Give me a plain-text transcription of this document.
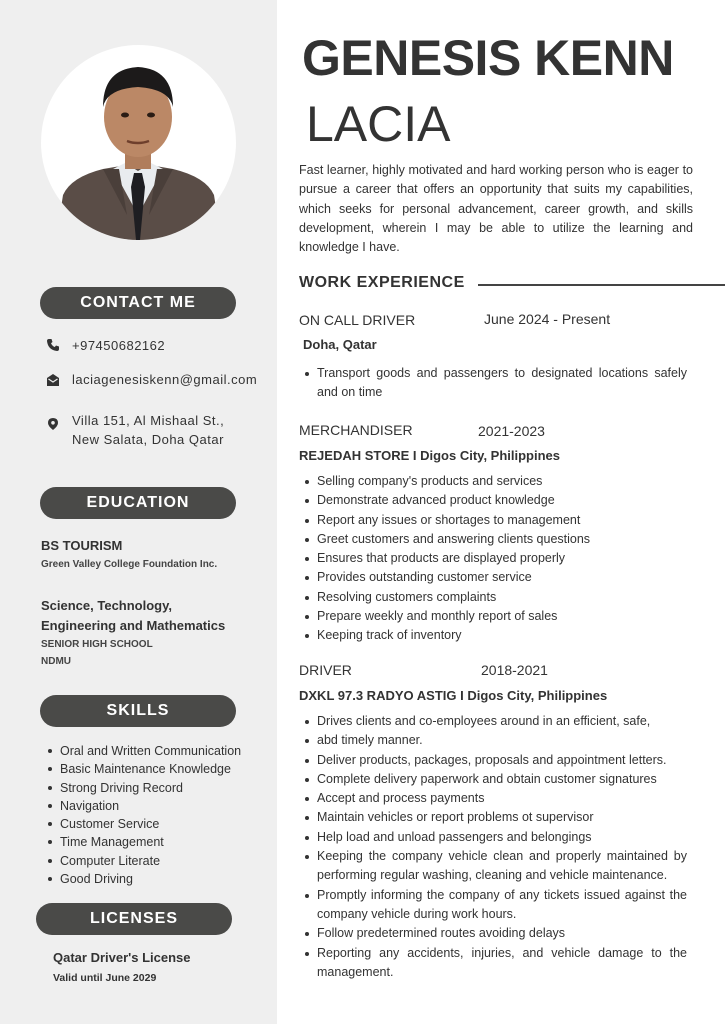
CONTACT ME
+97450682162
laciagenesiskenn@gmail.com
Villa 151, Al Mishaal St.,
New Salata, Doha Qatar
EDUCATION
BS TOURISM
Green Valley College Foundation Inc.
Science, Technology,
Engineering and Mathematics
SENIOR HIGH SCHOOL
NDMU
SKILLS
Oral and Written Communication
Basic Maintenance Knowledge
Strong Driving Record
Navigation
Customer Service
Time Management
Computer Literate
Good Driving
LICENSES
Qatar Driver's License
Valid until June 2029
GENESIS KENN
LACIA
Fast learner, highly motivated and hard working person who is eager to pursue a career that offers an opportunity that suits my capabilities, which seeks for personal advancement, career growth, and skills development, wherein I may be able to utilize the learning and knowledge I have.
WORK EXPERIENCE
ON CALL DRIVER	June 2024 - Present
Doha, Qatar
Transport goods and passengers to designated locations safely and on time
MERCHANDISER	2021-2023
REJEDAH STORE I Digos City, Philippines
Selling company's products and services
Demonstrate advanced product knowledge
Report any issues or shortages to management
Greet customers and answering clients questions
Ensures that products are displayed properly
Provides outstanding customer service
Resolving customers complaints
Prepare weekly and monthly report of sales
Keeping track of inventory
DRIVER	2018-2021
DXKL 97.3 RADYO ASTIG I Digos City, Philippines
Drives clients and co-employees around in an efficient, safe,
abd timely manner.
Deliver products, packages, proposals and appointment letters.
Complete delivery paperwork and obtain customer signatures
Accept and process payments
Maintain vehicles or report problems ot supervisor
Help load and unload passengers and belongings
Keeping the company vehicle clean and properly maintained by performing regular washing, cleaning and vehicle maintenance.
Promptly informing the company of any tickets issued against the company vehicle during work hours.
Follow predetermined routes avoiding delays
Reporting any accidents, injuries, and vehicle damage to the management.
